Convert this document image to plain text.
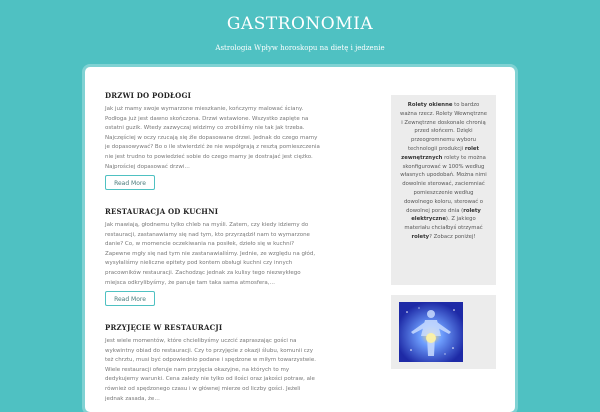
GASTRONOMIA
Astrologia Wpływ horoskopu na dietę i jedzenie
DRZWI DO PODŁOGI

Jak już mamy swoje wymarzone mieszkanie, kończymy malować ściany. Podłoga już jest dawno skończona. Drzwi wstawione. Wszystko zapięte na ostatni guzik. Wtedy zazwyczaj widzimy co zrobiliśmy nie tak jak trzeba. Najczęściej w oczy rzucają się źle dopasowane drzwi. Jednak do czego mamy je dopasowywać? Bo o ile stwierdzić że nie współgrają z resztą pomieszczenia nie jest trudno to powiedzieć sobie do czego mamy je dostrajać jest ciężko. Najprościej dopasować drzwi…

Read More
RESTAURACJA OD KUCHNI

Jak mawiają, głodnemu tylko chleb na myśli. Zatem, czy kiedy idziemy do restauracji, zastanawiamy się nad tym, kto przyrządził nam to wymarzone danie? Co, w momencie oczekiwania na posiłek, dzieło się w kuchni? Zapewne mgły się nad tym nie zastanawialiśmy. Jednie, ze względu na głód, wysyłaliśmy nieliczne epitety pod kontem obsługi kuchni czy innych pracowników restauracji. Zachodząc jednak za kulisy tego niezwykłego miejsca odkrylibyśmy, że panuje tam taka sama atmosfera,…

Read More
PRZYJĘCIE W RESTAURACJI

Jest wiele momentów, które chcielibyśmy uczcić zapraszając gości na wykwintny obiad do restauracji. Czy to przyjęcie z okazji ślubu, komunii czy też chrztu, musi być odpowiednio podane i spędzone w miłym towarzystwie. Wiele restauracji oferuje nam przyjęcia okazyjne, na których to my dedykujemy warunki. Cena zależy nie tylko od ilości oraz jakości potraw, ale również od spędzonego czasu i w głównej mierze od liczby gości. Jeżeli jednak zasada, że…

Rolety okienne to bardzo ważna rzecz. Rolety Wewnętrzne i Zewnętrzne doskonale chronią przed słońcem. Dzięki przeogromnemu wyboru technologii produkcji rolet zewnętrznych rolety te można skonfigurować w 100% według własnych upodobań. Można nimi dowolnie sterować, zaciemniać pomieszczenie według dowolnego koloru, sterować o dowolnej porze dnia (rolety elektryczne). Z jakiego materiału chciałbyś otrzymać rolety? Zobacz poniżej!
